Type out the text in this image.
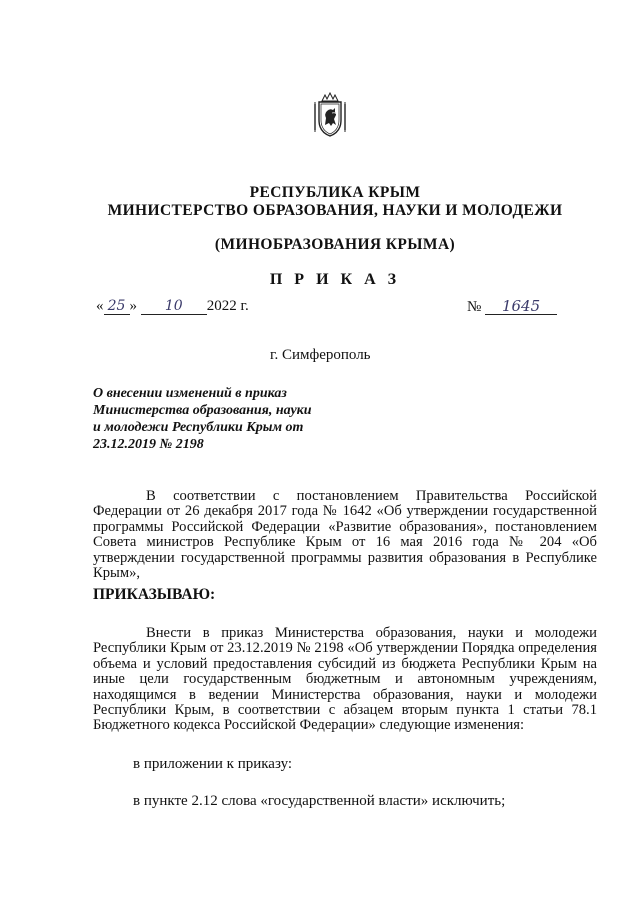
РЕСПУБЛИКА КРЫМ
МИНИСТЕРСТВО ОБРАЗОВАНИЯ, НАУКИ И МОЛОДЕЖИ
(МИНОБРАЗОВАНИЯ КРЫМА)
П Р И К А З
« 25 » 10 2022 г.	№ 1645
г. Симферополь
О внесении изменений в приказ
Министерства образования, науки
и молодежи Республики Крым от
23.12.2019 № 2198
В соответствии с постановлением Правительства Российской Федерации от 26 декабря 2017 года № 1642 «Об утверждении государственной программы Российской Федерации «Развитие образования», постановлением Совета министров Республике Крым от 16 мая 2016 года № 204 «Об утверждении государственной программы развития образования в Республике Крым»,
ПРИКАЗЫВАЮ:
Внести в приказ Министерства образования, науки и молодежи Республики Крым от 23.12.2019 № 2198 «Об утверждении Порядка определения объема и условий предоставления субсидий из бюджета Республики Крым на иные цели государственным бюджетным и автономным учреждениям, находящимся в ведении Министерства образования, науки и молодежи Республики Крым, в соответствии с абзацем вторым пункта 1 статьи 78.1 Бюджетного кодекса Российской Федерации» следующие изменения:
в приложении к приказу:
в пункте 2.12 слова «государственной власти» исключить;
